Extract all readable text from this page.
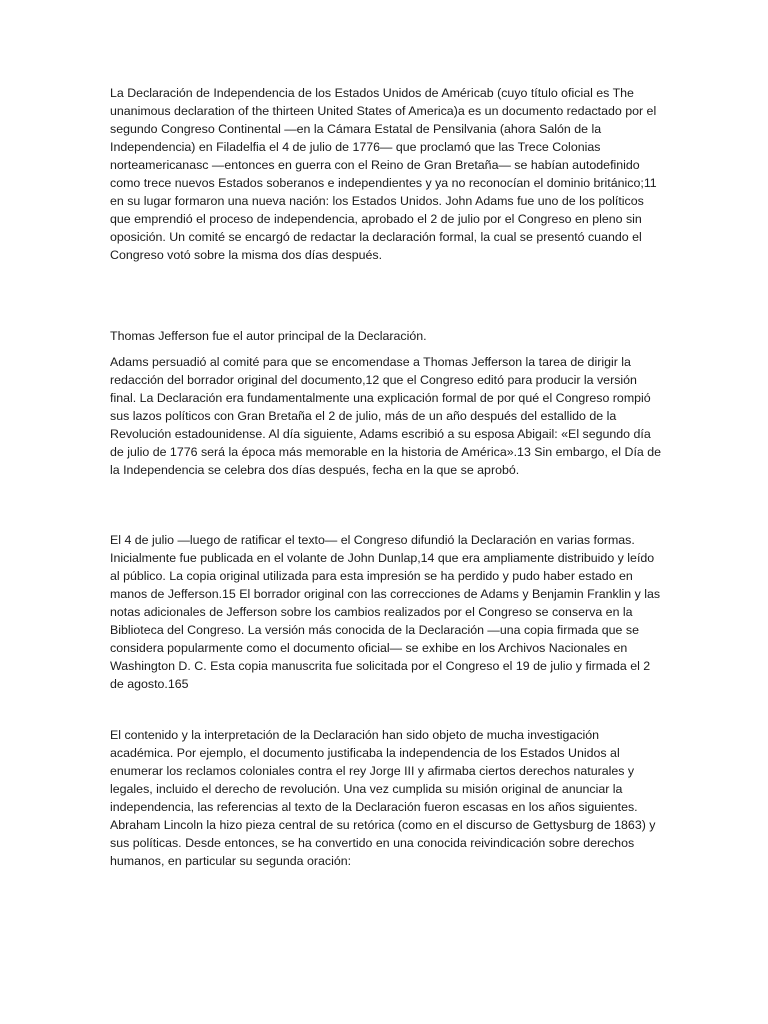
La Declaración de Independencia de los Estados Unidos de Américab (cuyo título oficial es The unanimous declaration of the thirteen United States of America)a es un documento redactado por el segundo Congreso Continental —en la Cámara Estatal de Pensilvania (ahora Salón de la Independencia) en Filadelfia el 4 de julio de 1776— que proclamó que las Trece Colonias norteamericanasc —entonces en guerra con el Reino de Gran Bretaña— se habían autodefinido como trece nuevos Estados soberanos e independientes y ya no reconocían el dominio británico;11 en su lugar formaron una nueva nación: los Estados Unidos. John Adams fue uno de los políticos que emprendió el proceso de independencia, aprobado el 2 de julio por el Congreso en pleno sin oposición. Un comité se encargó de redactar la declaración formal, la cual se presentó cuando el Congreso votó sobre la misma dos días después.

Thomas Jefferson fue el autor principal de la Declaración.

Adams persuadió al comité para que se encomendase a Thomas Jefferson la tarea de dirigir la redacción del borrador original del documento,12 que el Congreso editó para producir la versión final. La Declaración era fundamentalmente una explicación formal de por qué el Congreso rompió sus lazos políticos con Gran Bretaña el 2 de julio, más de un año después del estallido de la Revolución estadounidense. Al día siguiente, Adams escribió a su esposa Abigail: «El segundo día de julio de 1776 será la época más memorable en la historia de América».13 Sin embargo, el Día de la Independencia se celebra dos días después, fecha en la que se aprobó.

El 4 de julio —luego de ratificar el texto— el Congreso difundió la Declaración en varias formas. Inicialmente fue publicada en el volante de John Dunlap,14 que era ampliamente distribuido y leído al público. La copia original utilizada para esta impresión se ha perdido y pudo haber estado en manos de Jefferson.15 El borrador original con las correcciones de Adams y Benjamin Franklin y las notas adicionales de Jefferson sobre los cambios realizados por el Congreso se conserva en la Biblioteca del Congreso. La versión más conocida de la Declaración —una copia firmada que se considera popularmente como el documento oficial— se exhibe en los Archivos Nacionales en Washington D. C. Esta copia manuscrita fue solicitada por el Congreso el 19 de julio y firmada el 2 de agosto.165

El contenido y la interpretación de la Declaración han sido objeto de mucha investigación académica. Por ejemplo, el documento justificaba la independencia de los Estados Unidos al enumerar los reclamos coloniales contra el rey Jorge III y afirmaba ciertos derechos naturales y legales, incluido el derecho de revolución. Una vez cumplida su misión original de anunciar la independencia, las referencias al texto de la Declaración fueron escasas en los años siguientes. Abraham Lincoln la hizo pieza central de su retórica (como en el discurso de Gettysburg de 1863) y sus políticas. Desde entonces, se ha convertido en una conocida reivindicación sobre derechos humanos, en particular su segunda oración:
